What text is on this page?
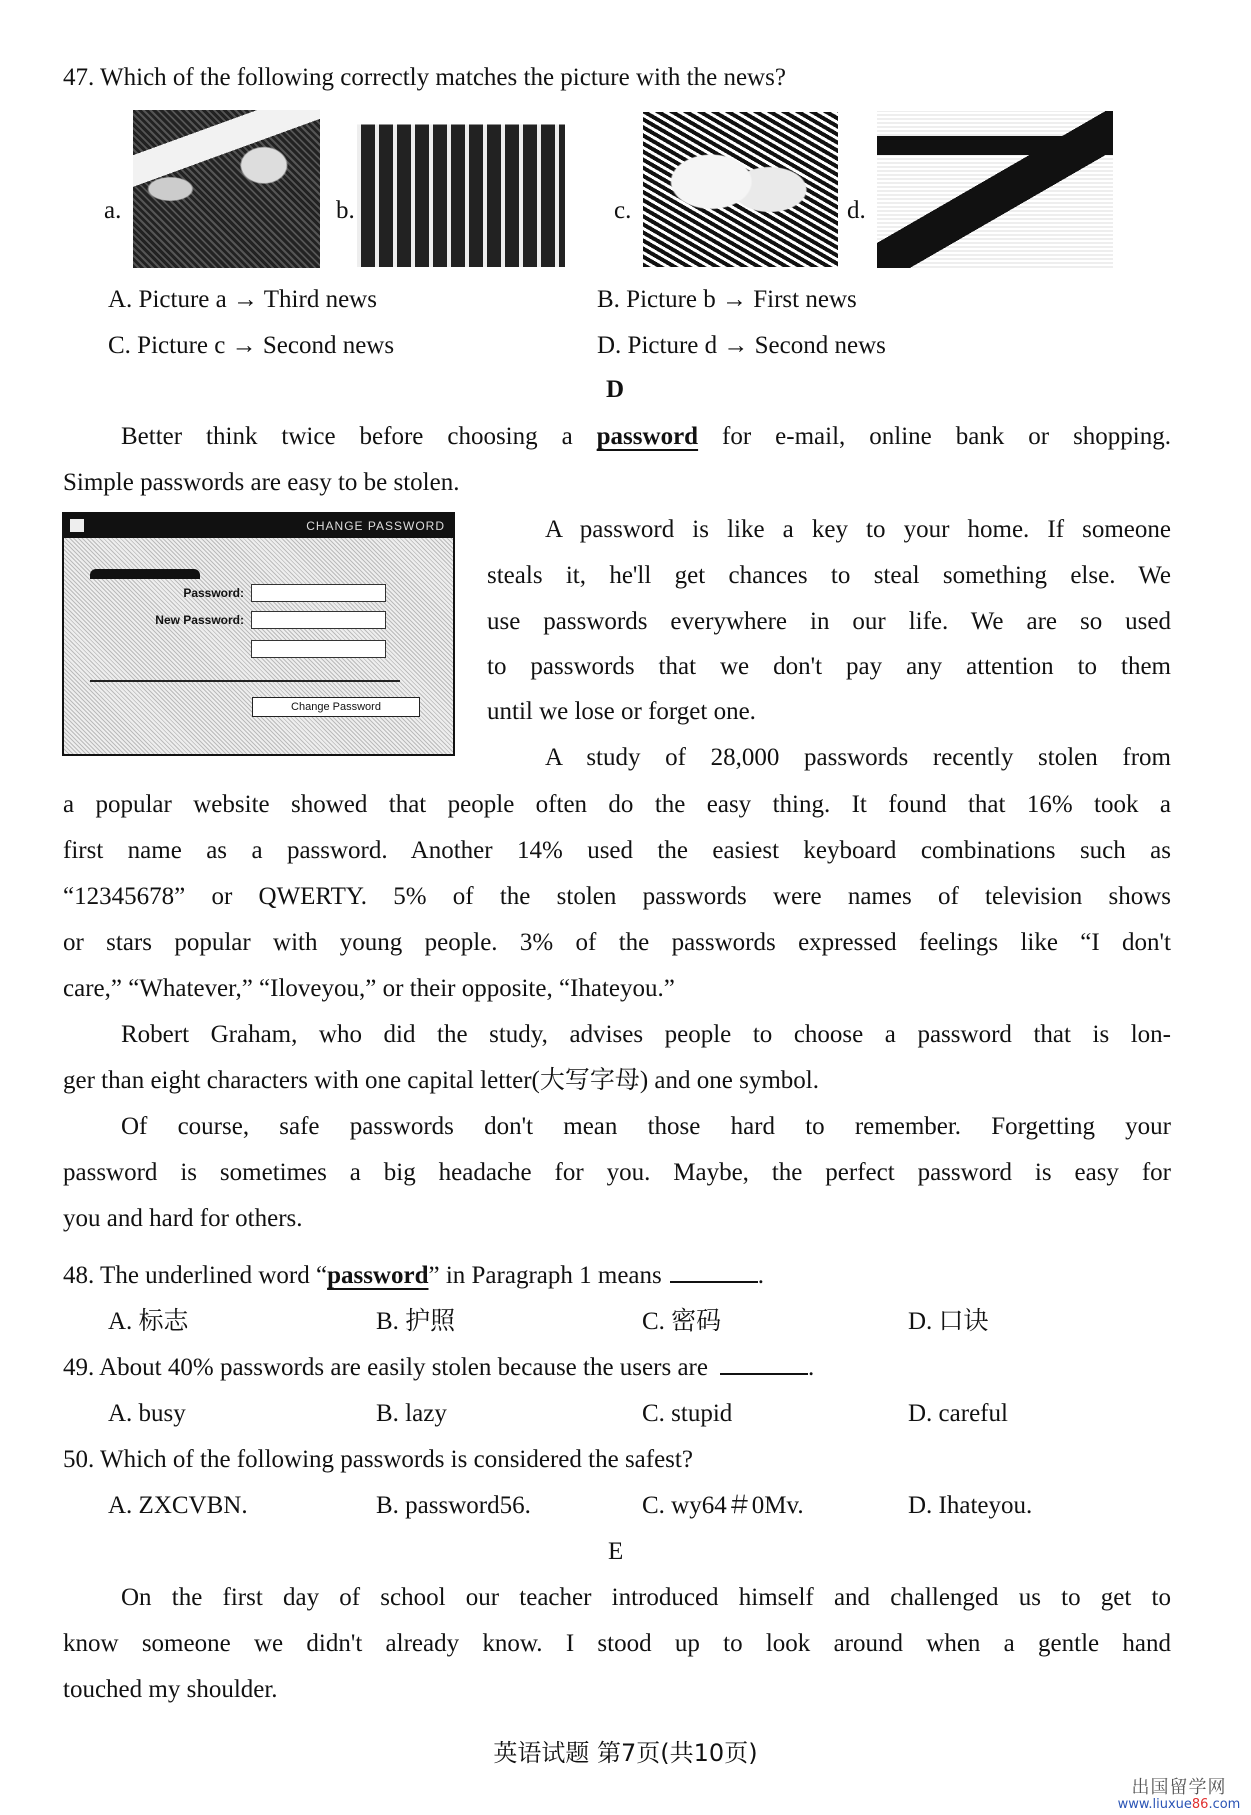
47. Which of the following correctly matches the picture with the news?
a.	b.	c.	d.
A. Picture a → Third news	B. Picture b → First news
C. Picture c → Second news	D. Picture d → Second news
D
Better think twice before choosing a password for e-mail, online bank or shopping.
Simple passwords are easy to be stolen.
CHANGE PASSWORD
Password:
New Password:
Change Password
A password is like a key to your home. If someone
steals it, he'll get chances to steal something else. We
use passwords everywhere in our life. We are so used
to passwords that we don't pay any attention to them
until we lose or forget one.
A study of 28,000 passwords recently stolen from
a popular website showed that people often do the easy thing. It found that 16% took a
first name as a password. Another 14% used the easiest keyboard combinations such as
“12345678” or QWERTY. 5% of the stolen passwords were names of television shows
or stars popular with young people. 3% of the passwords expressed feelings like “I don't
care,” “Whatever,” “Iloveyou,” or their opposite, “Ihateyou.”
Robert Graham, who did the study, advises people to choose a password that is lon-
ger than eight characters with one capital letter(大写字母) and one symbol.
Of course, safe passwords don't mean those hard to remember. Forgetting your
password is sometimes a big headache for you. Maybe, the perfect password is easy for
you and hard for others.
48. The underlined word “password” in Paragraph 1 means	.
A. 标志	B. 护照	C. 密码	D. 口诀
49. About 40% passwords are easily stolen because the users are	.
A. busy	B. lazy	C. stupid	D. careful
50. Which of the following passwords is considered the safest?
A. ZXCVBN.	B. password56.	C. wy64＃0Mv.	D. Ihateyou.
E
On the first day of school our teacher introduced himself and challenged us to get to
know someone we didn't already know. I stood up to look around when a gentle hand
touched my shoulder.
英语试题 第7页(共10页)
出国留学网
www.liuxue86.com
